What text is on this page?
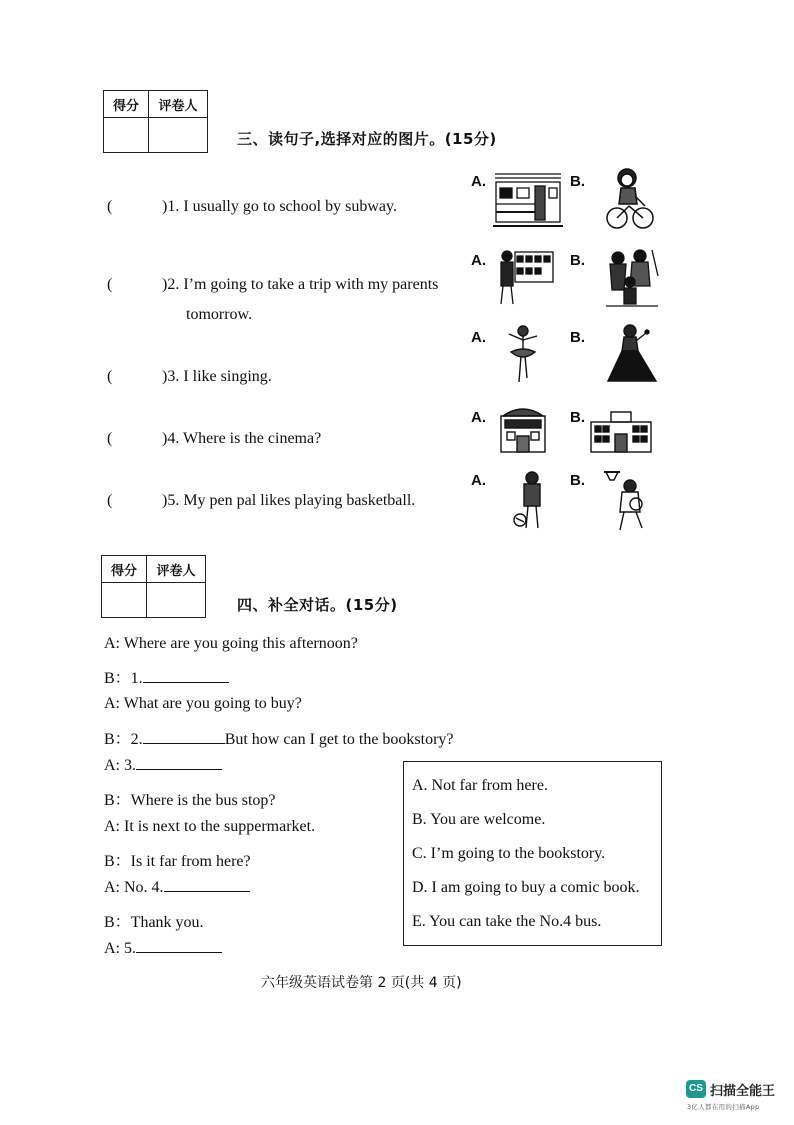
得分	评卷人

三、读句子,选择对应的图片。(15分)
(	)1. I usually go to school by subway.
(	)2. I’m going to take a trip with my parents
tomorrow.
(	)3. I like singing.
(	)4. Where is the cinema?
(	)5. My pen pal likes playing basketball.
A.	B.
A.	B.
A.	B.
A.	B.
A.	B.
得分	评卷人

四、补全对话。(15分)
A: Where are you going this afternoon?
B：1.
A: What are you going to buy?
B：2.	But how can I get to the bookstory?
A: 3.
B：Where is the bus stop?
A: It is next to the suppermarket.
B：Is it far from here?
A: No. 4.
B：Thank you.
A: 5.
A. Not far from here.
B. You are welcome.
C. I’m going to the bookstory.
D. I am going to buy a comic book.
E. You can take the No.4 bus.
六年级英语试卷第 2 页(共 4 页)
CS 扫描全能王
3亿人都在用的扫描App
